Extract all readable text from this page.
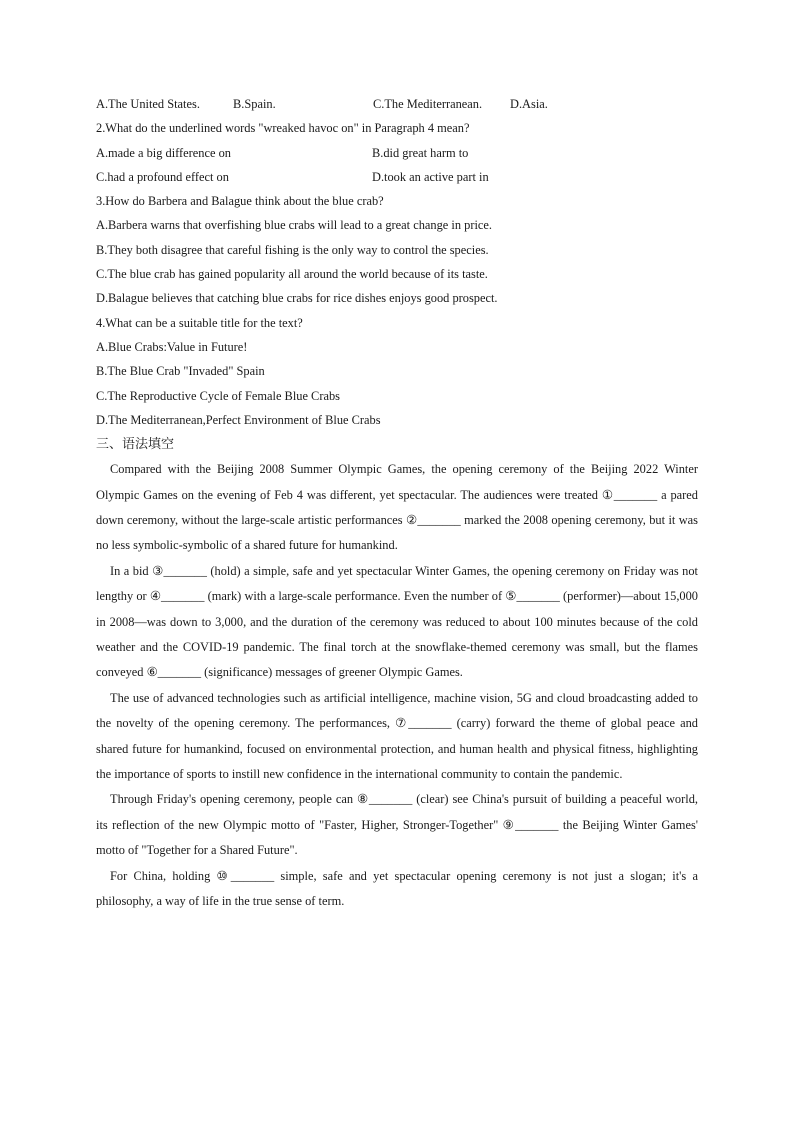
A.The United States.	B.Spain.	C.The Mediterranean. D.Asia.
2.What do the underlined words "wreaked havoc on" in Paragraph 4 mean?
A.made a big difference on	B.did great harm to
C.had a profound effect on	D.took an active part in
3.How do Barbera and Balague think about the blue crab?
A.Barbera warns that overfishing blue crabs will lead to a great change in price.
B.They both disagree that careful fishing is the only way to control the species.
C.The blue crab has gained popularity all around the world because of its taste.
D.Balague believes that catching blue crabs for rice dishes enjoys good prospect.
4.What can be a suitable title for the text?
A.Blue Crabs:Value in Future!
B.The Blue Crab "Invaded" Spain
C.The Reproductive Cycle of Female Blue Crabs
D.The Mediterranean,Perfect Environment of Blue Crabs
三、语法填空

Compared with the Beijing 2008 Summer Olympic Games, the opening ceremony of the Beijing 2022 Winter Olympic Games on the evening of Feb 4 was different, yet spectacular. The audiences were treated ①_______ a pared down ceremony, without the large-scale artistic performances ②_______ marked the 2008 opening ceremony, but it was no less symbolic-symbolic of a shared future for humankind.

In a bid ③_______ (hold) a simple, safe and yet spectacular Winter Games, the opening ceremony on Friday was not lengthy or ④_______ (mark) with a large-scale performance. Even the number of ⑤_______ (performer)—about 15,000 in 2008—was down to 3,000, and the duration of the ceremony was reduced to about 100 minutes because of the cold weather and the COVID-19 pandemic. The final torch at the snowflake-themed ceremony was small, but the flames conveyed ⑥_______ (significance) messages of greener Olympic Games.

The use of advanced technologies such as artificial intelligence, machine vision, 5G and cloud broadcasting added to the novelty of the opening ceremony. The performances, ⑦_______ (carry) forward the theme of global peace and shared future for humankind, focused on environmental protection, and human health and physical fitness, highlighting the importance of sports to instill new confidence in the international community to contain the pandemic.

Through Friday's opening ceremony, people can ⑧_______ (clear) see China's pursuit of building a peaceful world, its reflection of the new Olympic motto of "Faster, Higher, Stronger-Together" ⑨_______ the Beijing Winter Games' motto of "Together for a Shared Future".

For China, holding ⑩_______ simple, safe and yet spectacular opening ceremony is not just a slogan; it's a philosophy, a way of life in the true sense of term.
